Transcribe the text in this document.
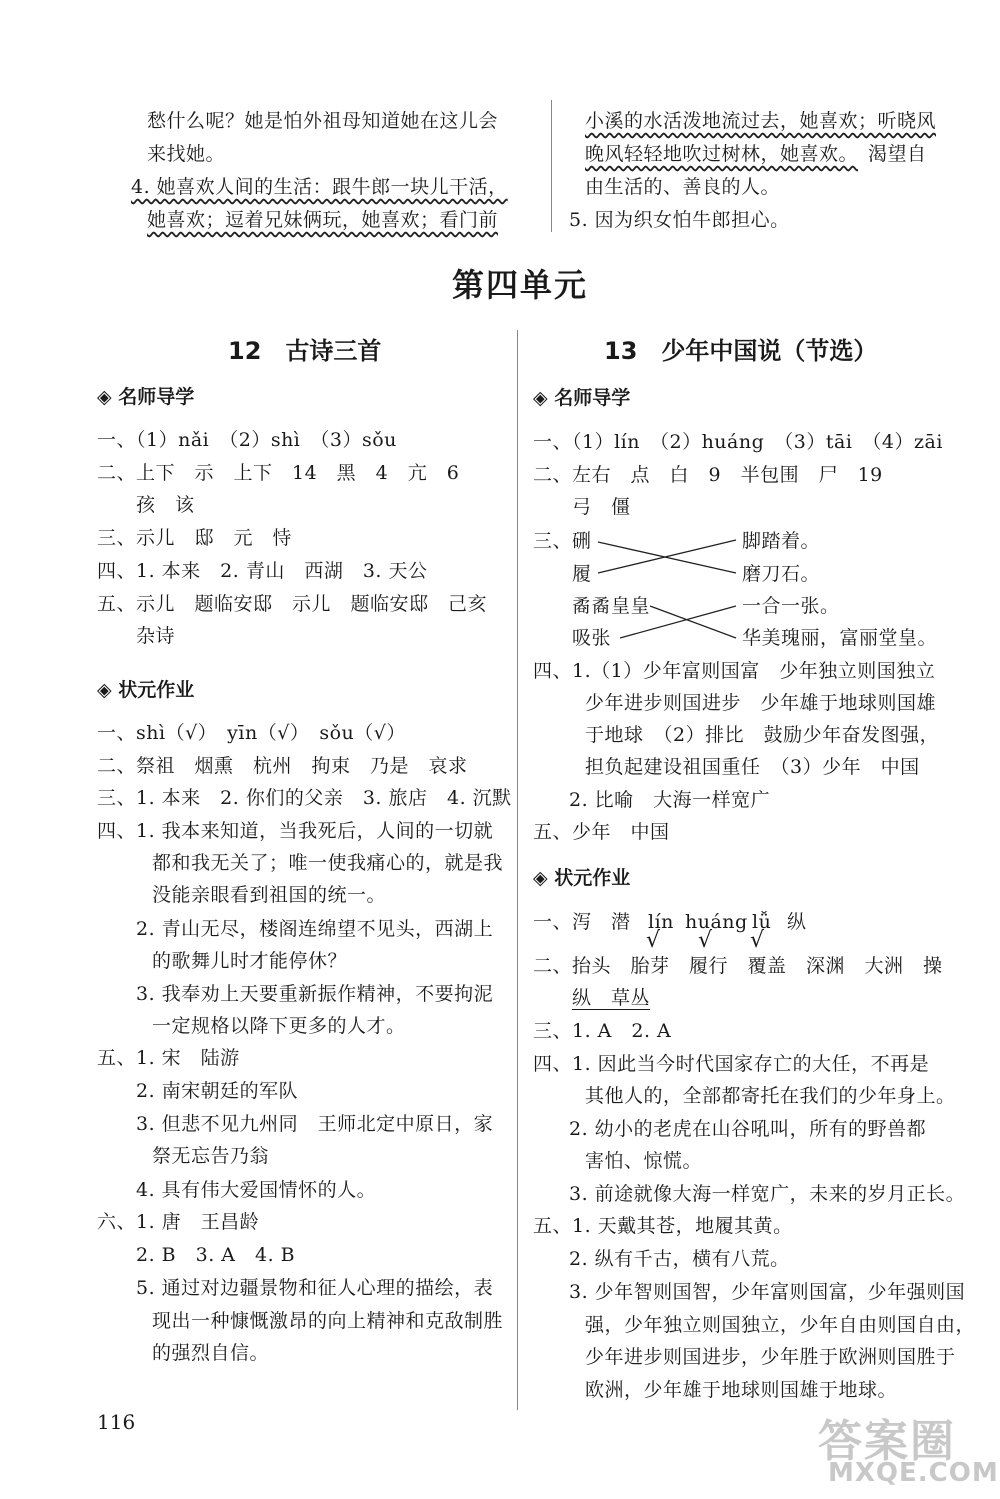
愁什么呢？她是怕外祖母知道她在这儿会
来找她。
4. 她喜欢人间的生活：跟牛郎一块儿干活，
她喜欢；逗着兄妹俩玩，她喜欢；看门前
小溪的水活泼地流过去，她喜欢；听晓风
晚风轻轻地吹过树林，她喜欢。 渴望自
由生活的、善良的人。
5. 因为织女怕牛郎担心。
第四单元
12　古诗三首
◈ 名师导学
一、（1）nǎi　（2）shì　（3）sǒu
二、上下　示　上下　14　黑　4　亢　6
孩　该
三、示儿　邸　元　恃
四、1. 本来　2. 青山　西湖　3. 天公
五、示儿　题临安邸　示儿　题临安邸　己亥
杂诗
◈ 状元作业
一、shì（√）　yīn（√）　sǒu（√）
二、祭祖　烟熏　杭州　拘束　乃是　哀求
三、1. 本来　2. 你们的父亲　3. 旅店　4. 沉默
四、1. 我本来知道，当我死后，人间的一切就
都和我无关了；唯一使我痛心的，就是我
没能亲眼看到祖国的统一。
2. 青山无尽，楼阁连绵望不见头，西湖上
的歌舞儿时才能停休？
3. 我奉劝上天要重新振作精神，不要拘泥
一定规格以降下更多的人才。
五、1. 宋　陆游
2. 南宋朝廷的军队
3. 但悲不见九州同　王师北定中原日，家
祭无忘告乃翁
4. 具有伟大爱国情怀的人。
六、1. 唐　王昌龄
2. B　3. A　4. B
5. 通过对边疆景物和征人心理的描绘，表
现出一种慷慨激昂的向上精神和克敌制胜
的强烈自信。
13　少年中国说（节选）
◈ 名师导学
一、（1）lín　（2）huáng　（3）tāi　（4）zāi
二、左右　点　白　9　半包围　尸　19
弓　僵
三、 硎
履
脚踏着。
磨刀石。
矞矞皇皇
吸张
一合一张。
华美瑰丽，富丽堂皇。
四、1.（1）少年富则国富　少年独立则国独立
少年进步则国进步　少年雄于地球则国雄
于地球　（2）排比　鼓励少年奋发图强，
担负起建设祖国重任　（3）少年　中国
2. 比喻　大海一样宽广
五、少年　中国
◈ 状元作业
一、泻　潜 lín huáng lǚ 纵
√ √ √
二、抬头　胎芽　履行　覆盖　深渊　大洲　操
纵　草丛
三、1. A　2. A
四、1. 因此当今时代国家存亡的大任，不再是
其他人的，全部都寄托在我们的少年身上。
2. 幼小的老虎在山谷吼叫，所有的野兽都
害怕、惊慌。
3. 前途就像大海一样宽广，未来的岁月正长。
五、1. 天戴其苍，地履其黄。
2. 纵有千古，横有八荒。
3. 少年智则国智，少年富则国富，少年强则国
强，少年独立则国独立，少年自由则国自由，
少年进步则国进步，少年胜于欧洲则国胜于
欧洲，少年雄于地球则国雄于地球。
116	答案圈
MXQE.COM
